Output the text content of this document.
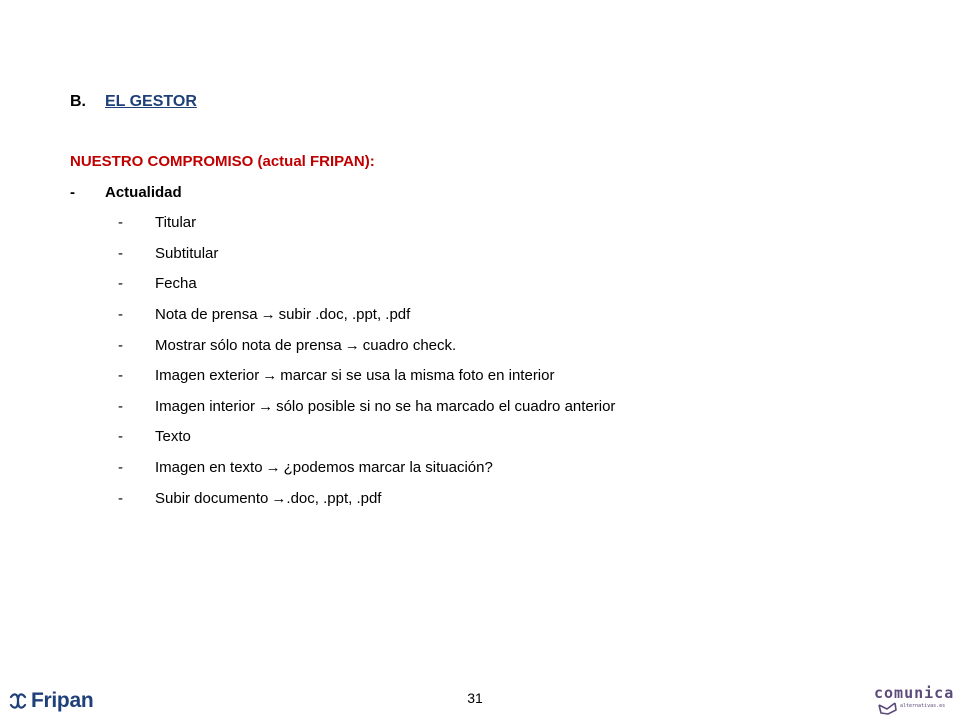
B. EL GESTOR
NUESTRO COMPROMISO (actual FRIPAN):
- Actualidad
- Titular
- Subtitular
- Fecha
- Nota de prensa → subir .doc, .ppt, .pdf
- Mostrar sólo nota de prensa → cuadro check.
- Imagen exterior → marcar si se usa la misma foto en interior
- Imagen interior → sólo posible si no se ha marcado el cuadro anterior
- Texto
- Imagen en texto → ¿podemos marcar la situación?
- Subir documento →.doc, .ppt, .pdf
Fripan	31	comunica
alternativas.es
